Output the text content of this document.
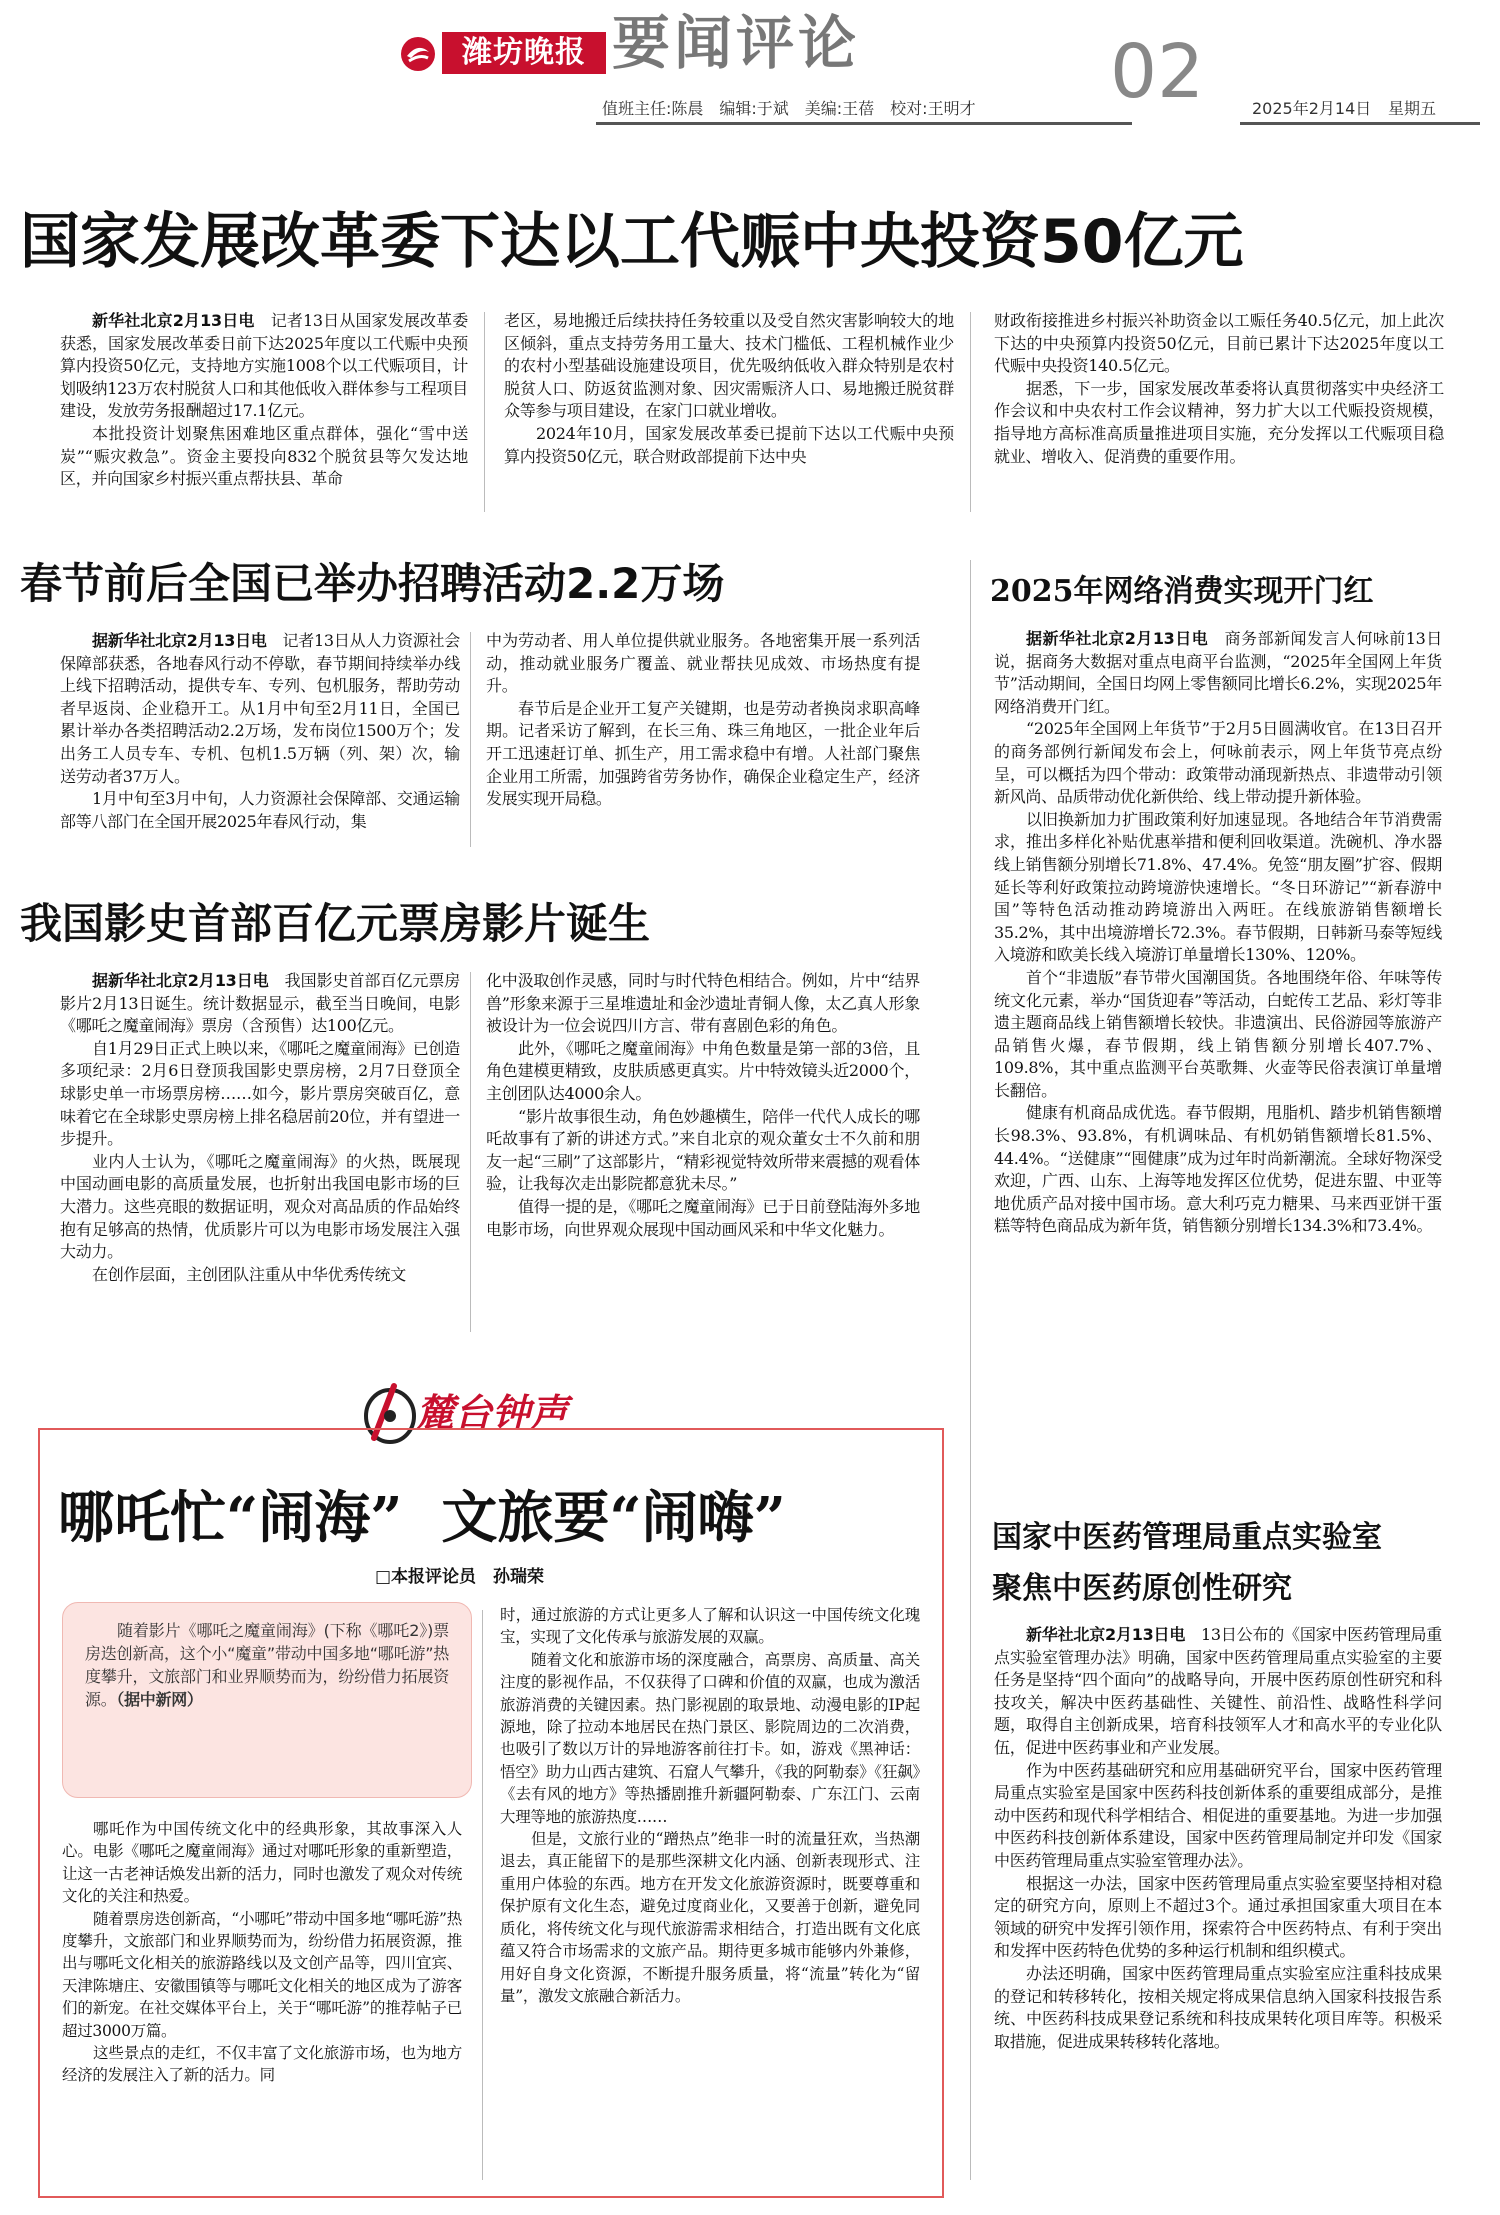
潍坊晚报 要闻评论	02
值班主任:陈晨　编辑:于斌　美编:王蓓　校对:王明才	2025年2月14日 星期五
国家发展改革委下达以工代赈中央投资50亿元

新华社北京2月13日电　 记者13日从国家发展改革委获悉，国家发展改革委日前下达2025年度以工代赈中央预算内投资50亿元，支持地方实施1008个以工代赈项目，计划吸纳123万农村脱贫人口和其他低收入群体参与工程项目建设，发放劳务报酬超过17.1亿元。

本批投资计划聚焦困难地区重点群体，强化“雪中送炭”“赈灾救急”。资金主要投向832个脱贫县等欠发达地区，并向国家乡村振兴重点帮扶县、革命

老区，易地搬迁后续扶持任务较重以及受自然灾害影响较大的地区倾斜，重点支持劳务用工量大、技术门槛低、工程机械作业少的农村小型基础设施建设项目，优先吸纳低收入群众特别是农村脱贫人口、防返贫监测对象、因灾需赈济人口、易地搬迁脱贫群众等参与项目建设，在家门口就业增收。

2024年10月，国家发展改革委已提前下达以工代赈中央预算内投资50亿元，联合财政部提前下达中央

财政衔接推进乡村振兴补助资金以工赈任务40.5亿元，加上此次下达的中央预算内投资50亿元，目前已累计下达2025年度以工代赈中央投资140.5亿元。

据悉，下一步，国家发展改革委将认真贯彻落实中央经济工作会议和中央农村工作会议精神，努力扩大以工代赈投资规模，指导地方高标准高质量推进项目实施，充分发挥以工代赈项目稳就业、增收入、促消费的重要作用。

春节前后全国已举办招聘活动2.2万场

据新华社北京2月13日电　 记者13日从人力资源社会保障部获悉，各地春风行动不停歇，春节期间持续举办线上线下招聘活动，提供专车、专列、包机服务，帮助劳动者早返岗、企业稳开工。从1月中旬至2月11日，全国已累计举办各类招聘活动2.2万场，发布岗位1500万个；发出务工人员专车、专机、包机1.5万辆（列、架）次，输送劳动者37万人。

1月中旬至3月中旬，人力资源社会保障部、交通运输部等八部门在全国开展2025年春风行动，集

中为劳动者、用人单位提供就业服务。各地密集开展一系列活动，推动就业服务广覆盖、就业帮扶见成效、市场热度有提升。

春节后是企业开工复产关键期，也是劳动者换岗求职高峰期。记者采访了解到，在长三角、珠三角地区，一批企业年后开工迅速赶订单、抓生产，用工需求稳中有增。人社部门聚焦企业用工所需，加强跨省劳务协作，确保企业稳定生产，经济发展实现开局稳。

我国影史首部百亿元票房影片诞生

据新华社北京2月13日电　 我国影史首部百亿元票房影片2月13日诞生。统计数据显示，截至当日晚间，电影《哪吒之魔童闹海》票房（含预售）达100亿元。

自1月29日正式上映以来，《哪吒之魔童闹海》已创造多项纪录：2月6日登顶我国影史票房榜，2月7日登顶全球影史单一市场票房榜……如今，影片票房突破百亿，意味着它在全球影史票房榜上排名稳居前20位，并有望进一步提升。

业内人士认为，《哪吒之魔童闹海》的火热，既展现中国动画电影的高质量发展，也折射出我国电影市场的巨大潜力。这些亮眼的数据证明，观众对高品质的作品始终抱有足够高的热情，优质影片可以为电影市场发展注入强大动力。

在创作层面，主创团队注重从中华优秀传统文

化中汲取创作灵感，同时与时代特色相结合。例如，片中“结界兽”形象来源于三星堆遗址和金沙遗址青铜人像，太乙真人形象被设计为一位会说四川方言、带有喜剧色彩的角色。

此外，《哪吒之魔童闹海》中角色数量是第一部的3倍，且角色建模更精致，皮肤质感更真实。片中特效镜头近2000个，主创团队达4000余人。

“影片故事很生动，角色妙趣横生，陪伴一代代人成长的哪吒故事有了新的讲述方式。”来自北京的观众董女士不久前和朋友一起“三刷”了这部影片，“精彩视觉特效所带来震撼的观看体验，让我每次走出影院都意犹未尽。”

值得一提的是，《哪吒之魔童闹海》已于日前登陆海外多地电影市场，向世界观众展现中国动画风采和中华文化魅力。

2025年网络消费实现开门红

据新华社北京2月13日电　 商务部新闻发言人何咏前13日说，据商务大数据对重点电商平台监测，“2025年全国网上年货节”活动期间，全国日均网上零售额同比增长6.2%，实现2025年网络消费开门红。

“2025年全国网上年货节”于2月5日圆满收官。在13日召开的商务部例行新闻发布会上，何咏前表示，网上年货节亮点纷呈，可以概括为四个带动：政策带动涌现新热点、非遗带动引领新风尚、品质带动优化新供给、线上带动提升新体验。

以旧换新加力扩围政策利好加速显现。各地结合年节消费需求，推出多样化补贴优惠举措和便利回收渠道。洗碗机、净水器线上销售额分别增长71.8%、47.4%。免签“朋友圈”扩容、假期延长等利好政策拉动跨境游快速增长。“冬日环游记”“新春游中国”等特色活动推动跨境游出入两旺。在线旅游销售额增长35.2%，其中出境游增长72.3%。春节假期，日韩新马泰等短线入境游和欧美长线入境游订单量增长130%、120%。

首个“非遗版”春节带火国潮国货。各地围绕年俗、年味等传统文化元素，举办“国货迎春”等活动，白蛇传工艺品、彩灯等非遗主题商品线上销售额增长较快。非遗演出、民俗游园等旅游产品销售火爆，春节假期，线上销售额分别增长407.7%、109.8%，其中重点监测平台英歌舞、火壶等民俗表演订单量增长翻倍。

健康有机商品成优选。春节假期，甩脂机、踏步机销售额增长98.3%、93.8%，有机调味品、有机奶销售额增长81.5%、44.4%。“送健康”“囤健康”成为过年时尚新潮流。全球好物深受欢迎，广西、山东、上海等地发挥区位优势，促进东盟、中亚等地优质产品对接中国市场。意大利巧克力糖果、马来西亚饼干蛋糕等特色商品成为新年货，销售额分别增长134.3%和73.4%。

国家中医药管理局重点实验室
聚焦中医药原创性研究

新华社北京2月13日电　 13日公布的《国家中医药管理局重点实验室管理办法》明确，国家中医药管理局重点实验室的主要任务是坚持“四个面向”的战略导向，开展中医药原创性研究和科技攻关，解决中医药基础性、关键性、前沿性、战略性科学问题，取得自主创新成果，培育科技领军人才和高水平的专业化队伍，促进中医药事业和产业发展。

作为中医药基础研究和应用基础研究平台，国家中医药管理局重点实验室是国家中医药科技创新体系的重要组成部分，是推动中医药和现代科学相结合、相促进的重要基地。为进一步加强中医药科技创新体系建设，国家中医药管理局制定并印发《国家中医药管理局重点实验室管理办法》。

根据这一办法，国家中医药管理局重点实验室要坚持相对稳定的研究方向，原则上不超过3个。通过承担国家重大项目在本领域的研究中发挥引领作用，探索符合中医药特点、有利于突出和发挥中医药特色优势的多种运行机制和组织模式。

办法还明确，国家中医药管理局重点实验室应注重科技成果的登记和转移转化，按相关规定将成果信息纳入国家科技报告系统、中医药科技成果登记系统和科技成果转化项目库等。积极采取措施，促进成果转移转化落地。

麓台钟声
哪吒忙“闹海”  文旅要“闹嗨”
□本报评论员　孙瑞荣

随着影片《哪吒之魔童闹海》(下称《哪吒2》)票房迭创新高，这个小“魔童”带动中国多地“哪吒游”热度攀升，文旅部门和业界顺势而为，纷纷借力拓展资源。（据中新网）

哪吒作为中国传统文化中的经典形象，其故事深入人心。电影《哪吒之魔童闹海》通过对哪吒形象的重新塑造，让这一古老神话焕发出新的活力，同时也激发了观众对传统文化的关注和热爱。

随着票房迭创新高，“小哪吒”带动中国多地“哪吒游”热度攀升，文旅部门和业界顺势而为，纷纷借力拓展资源，推出与哪吒文化相关的旅游路线以及文创产品等，四川宜宾、天津陈塘庄、安徽围镇等与哪吒文化相关的地区成为了游客们的新宠。在社交媒体平台上，关于“哪吒游”的推荐帖子已超过3000万篇。

这些景点的走红，不仅丰富了文化旅游市场，也为地方经济的发展注入了新的活力。同

时，通过旅游的方式让更多人了解和认识这一中国传统文化瑰宝，实现了文化传承与旅游发展的双赢。

随着文化和旅游市场的深度融合，高票房、高质量、高关注度的影视作品，不仅获得了口碑和价值的双赢，也成为激活旅游消费的关键因素。热门影视剧的取景地、动漫电影的IP起源地，除了拉动本地居民在热门景区、影院周边的二次消费，也吸引了数以万计的异地游客前往打卡。如，游戏《黑神话：悟空》助力山西古建筑、石窟人气攀升，《我的阿勒泰》《狂飙》《去有风的地方》等热播剧推升新疆阿勒泰、广东江门、云南大理等地的旅游热度……

但是，文旅行业的“蹭热点”绝非一时的流量狂欢，当热潮退去，真正能留下的是那些深耕文化内涵、创新表现形式、注重用户体验的东西。地方在开发文化旅游资源时，既要尊重和保护原有文化生态，避免过度商业化，又要善于创新，避免同质化，将传统文化与现代旅游需求相结合，打造出既有文化底蕴又符合市场需求的文旅产品。期待更多城市能够内外兼修，用好自身文化资源，不断提升服务质量，将“流量”转化为“留量”，激发文旅融合新活力。
